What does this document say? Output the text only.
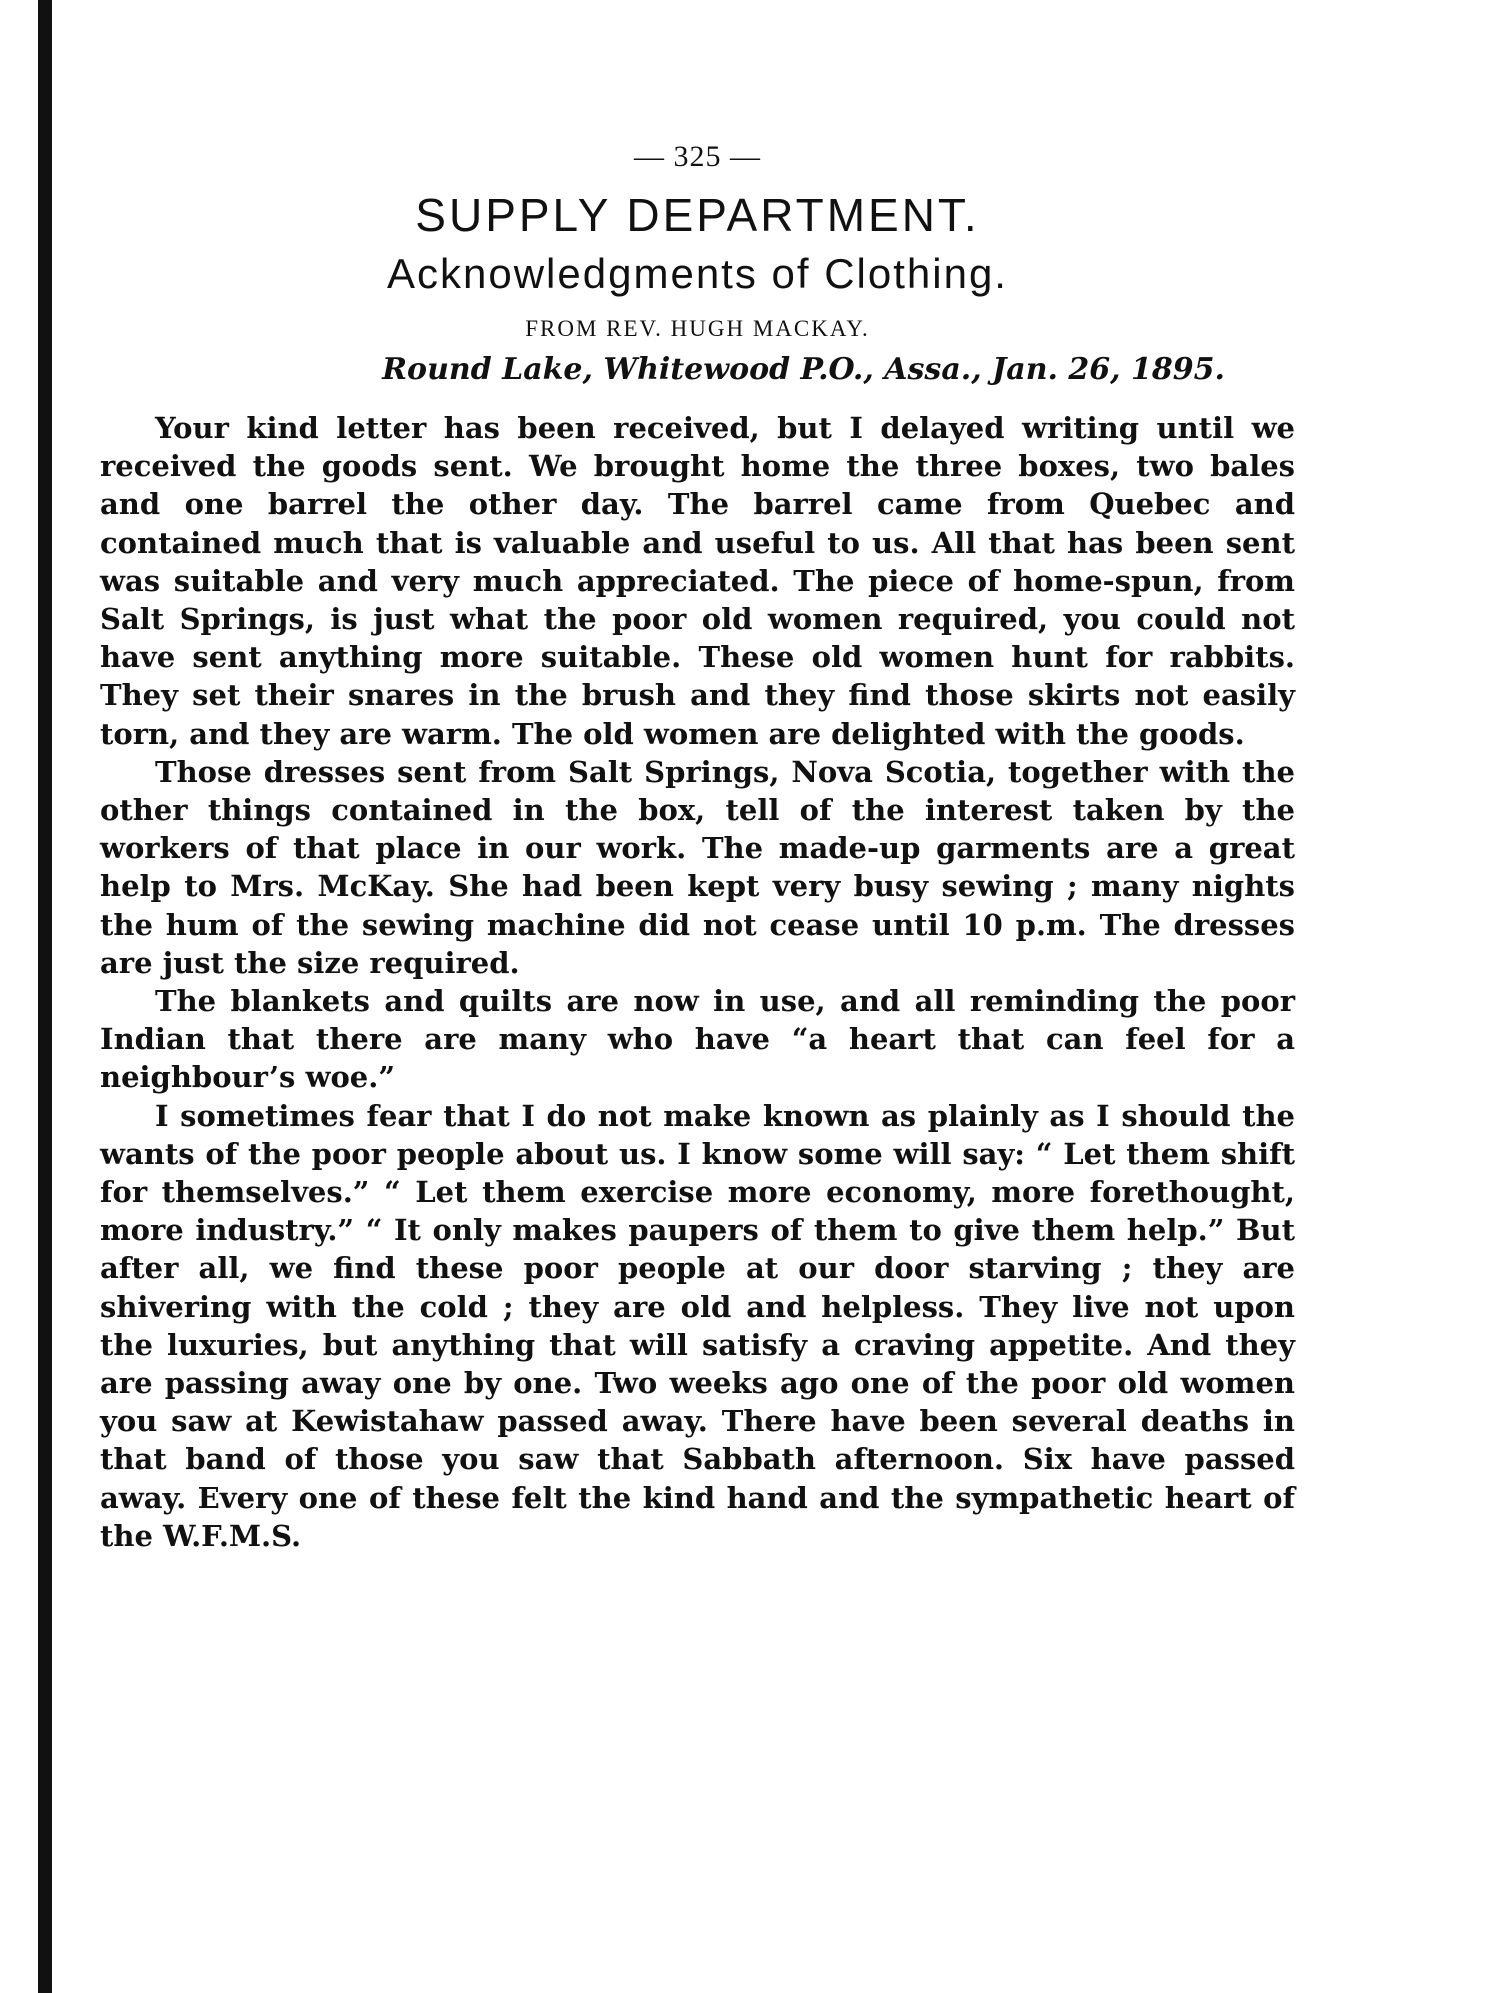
— 325 —
SUPPLY DEPARTMENT.
Acknowledgments of Clothing.
FROM REV. HUGH MACKAY.
Round Lake, Whitewood P.O., Assa., Jan. 26, 1895.

Your kind letter has been received, but I delayed writing until we received the goods sent. We brought home the three boxes, two bales and one barrel the other day. The barrel came from Quebec and contained much that is valuable and useful to us. All that has been sent was suitable and very much appreciated. The piece of home-spun, from Salt Springs, is just what the poor old women required, you could not have sent anything more suitable. These old women hunt for rabbits. They set their snares in the brush and they find those skirts not easily torn, and they are warm. The old women are delighted with the goods.

Those dresses sent from Salt Springs, Nova Scotia, together with the other things contained in the box, tell of the interest taken by the workers of that place in our work. The made-up garments are a great help to Mrs. McKay. She had been kept very busy sewing ; many nights the hum of the sewing machine did not cease until 10 p.m. The dresses are just the size required.

The blankets and quilts are now in use, and all reminding the poor Indian that there are many who have “a heart that can feel for a neighbour’s woe.”

I sometimes fear that I do not make known as plainly as I should the wants of the poor people about us. I know some will say: “ Let them shift for themselves.” “ Let them exercise more economy, more forethought, more industry.” “ It only makes paupers of them to give them help.” But after all, we find these poor people at our door starving ; they are shivering with the cold ; they are old and helpless. They live not upon the luxuries, but anything that will satisfy a craving appetite. And they are passing away one by one. Two weeks ago one of the poor old women you saw at Kewistahaw passed away. There have been several deaths in that band of those you saw that Sabbath afternoon. Six have passed away. Every one of these felt the kind hand and the sympathetic heart of the W.F.M.S.
